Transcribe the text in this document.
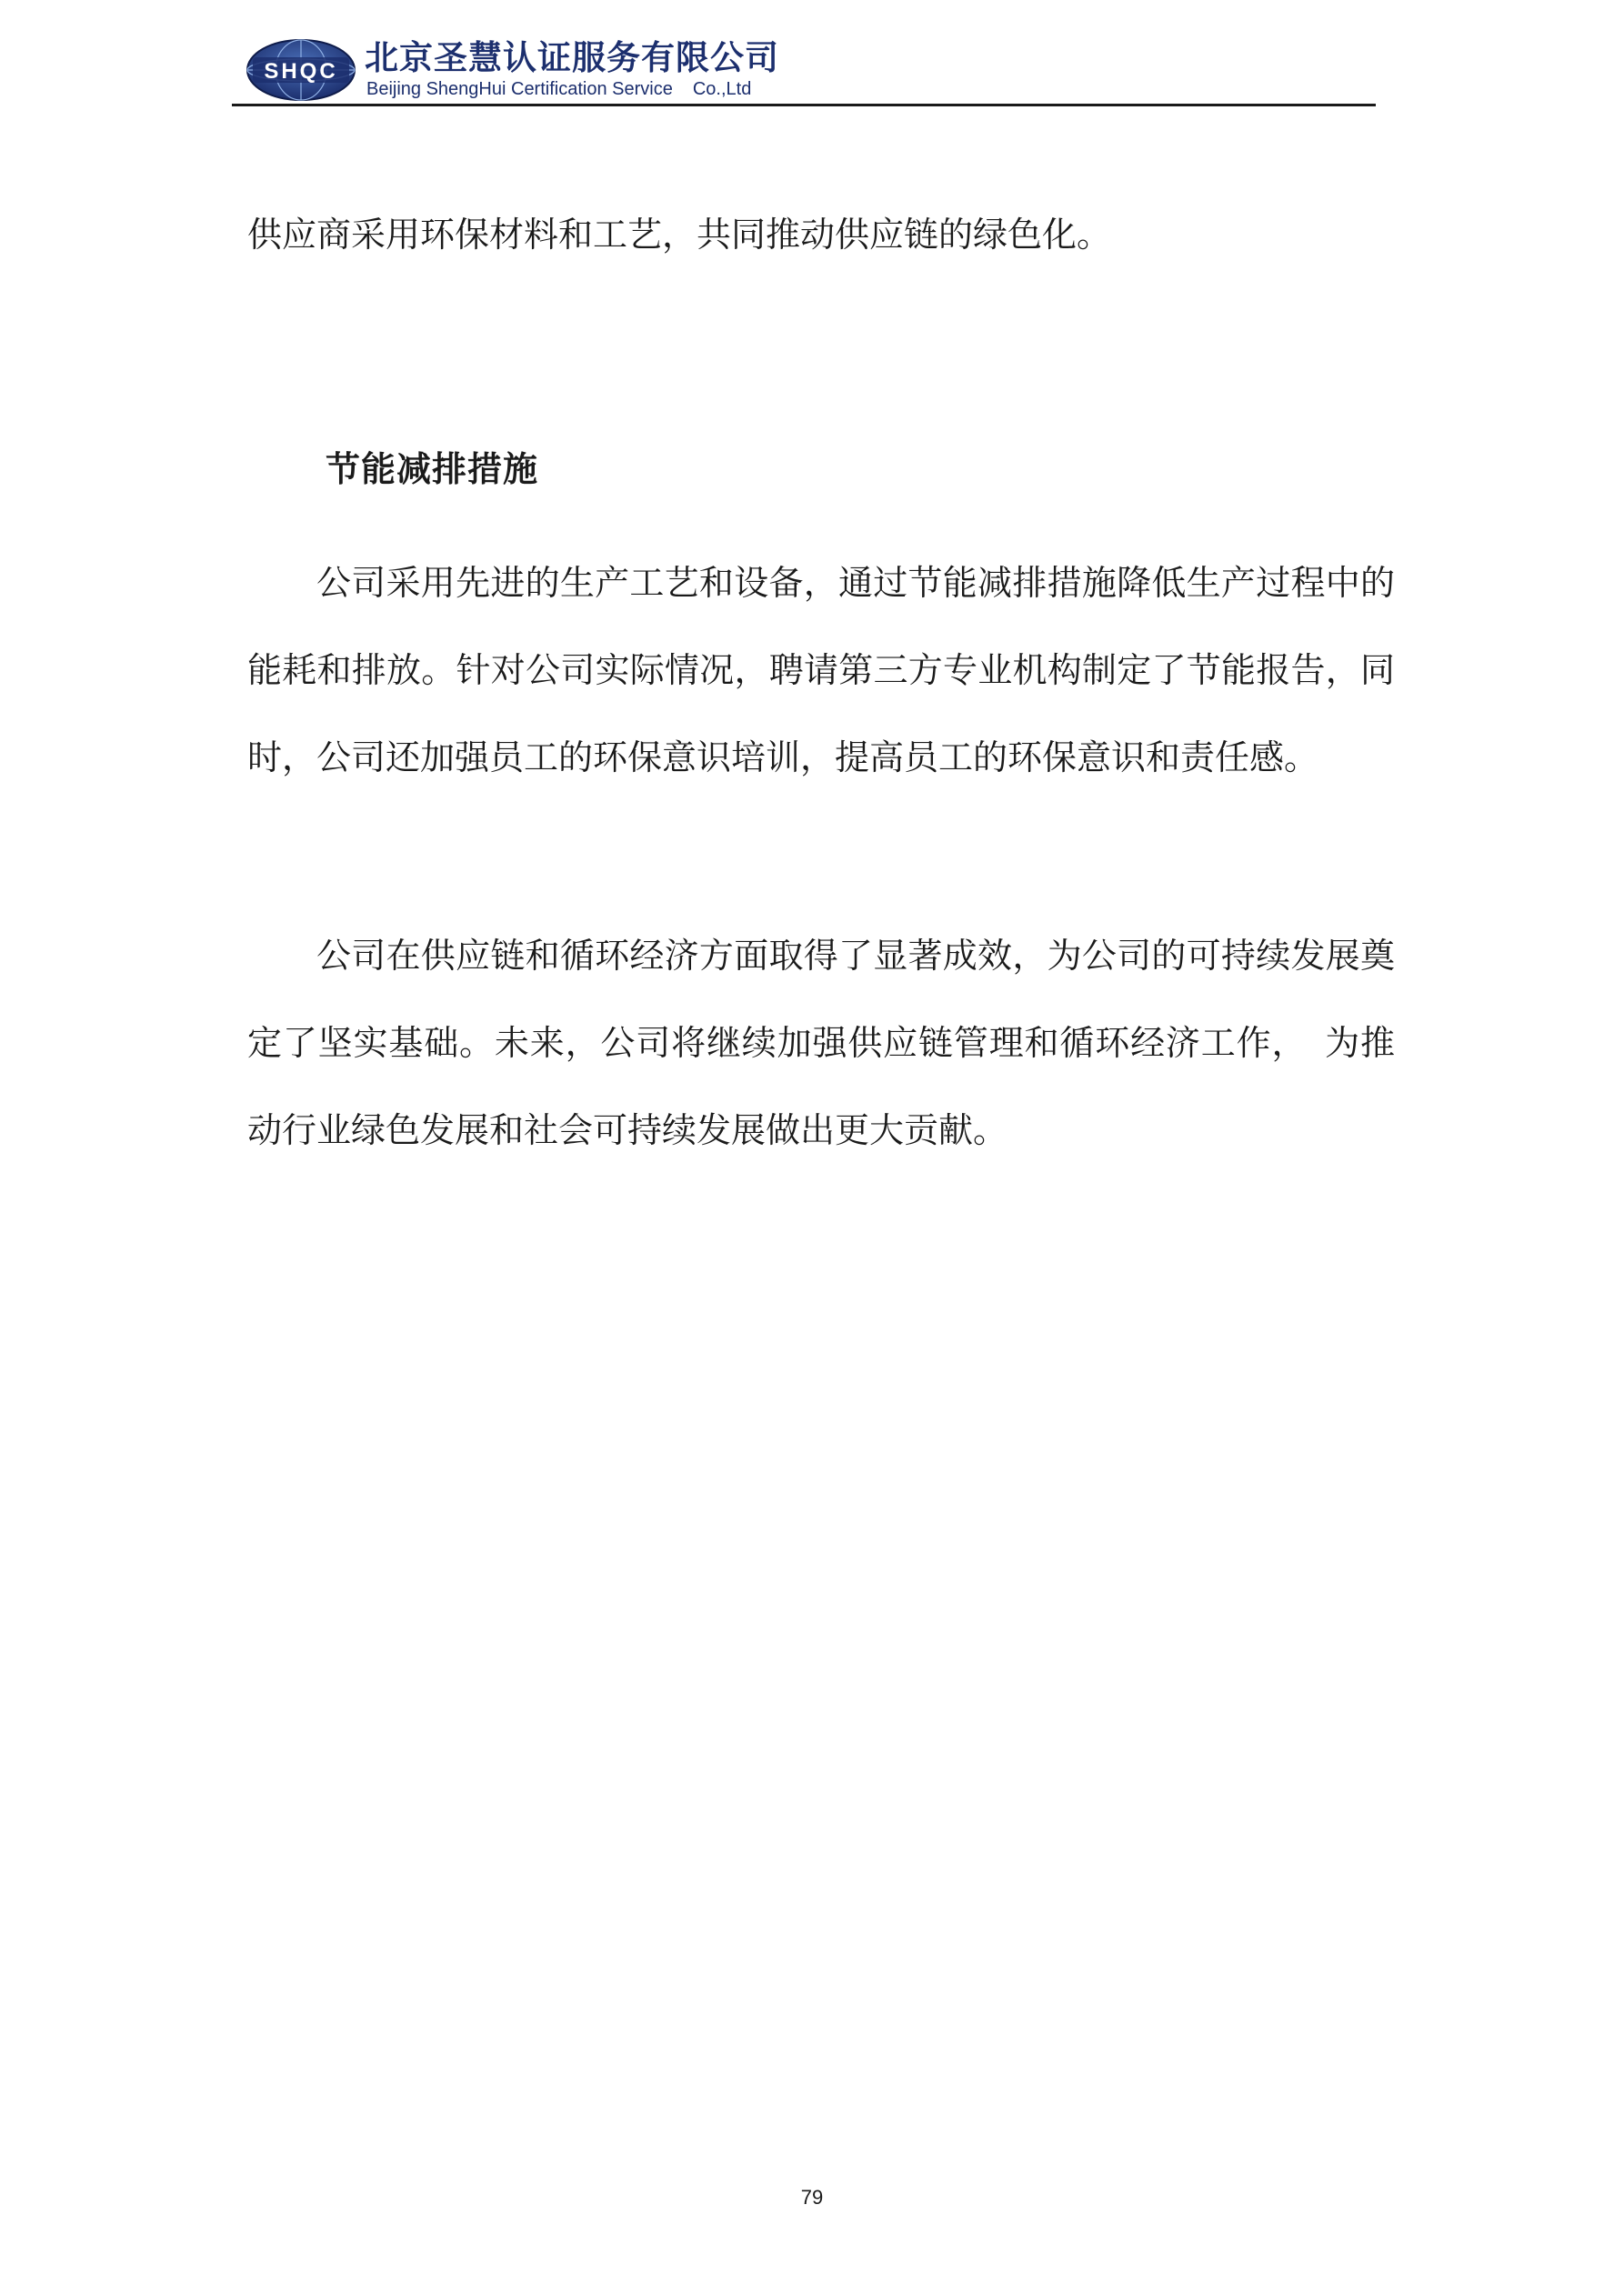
SHQC 北京圣慧认证服务有限公司
Beijing ShengHui Certification Service Co.,Ltd

供应商采用环保材料和工艺，共同推动供应链的绿色化。

节能减排措施

公司采用先进的生产工艺和设备，通过节能减排措施降低生产过程中的能耗和排放。针对公司实际情况，聘请第三方专业机构制定了节能报告，同时，公司还加强员工的环保意识培训，提高员工的环保意识和责任感。

公司在供应链和循环经济方面取得了显著成效，为公司的可持续发展奠定了坚实基础。未来，公司将继续加强供应链管理和循环经济工作，　为推动行业绿色发展和社会可持续发展做出更大贡献。

79
